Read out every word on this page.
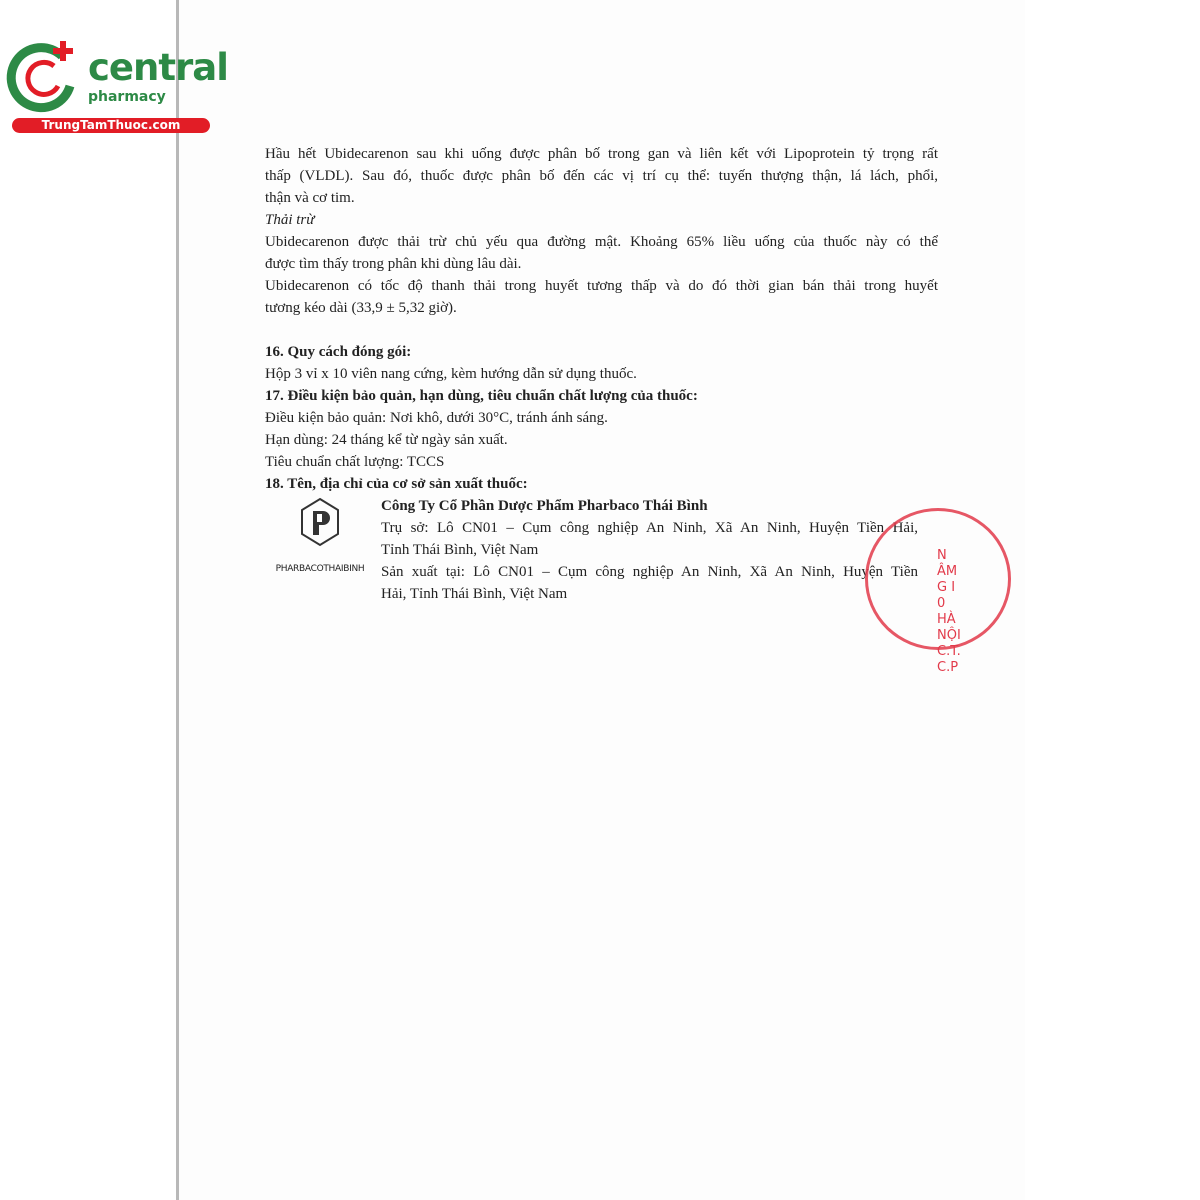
central
pharmacy
TrungTamThuoc.com
Hầu hết Ubidecarenon sau khi uống được phân bố trong gan và liên kết với Lipoprotein tỷ trọng rất
thấp (VLDL). Sau đó, thuốc được phân bố đến các vị trí cụ thể: tuyến thượng thận, lá lách, phổi,
thận và cơ tim.
Thải trừ
Ubidecarenon được thải trừ chủ yếu qua đường mật. Khoảng 65% liều uống của thuốc này có thể
được tìm thấy trong phân khi dùng lâu dài.
Ubidecarenon có tốc độ thanh thải trong huyết tương thấp và do đó thời gian bán thải trong huyết
tương kéo dài (33,9 ± 5,32 giờ).
16. Quy cách đóng gói:
Hộp 3 vỉ x 10 viên nang cứng, kèm hướng dẫn sử dụng thuốc.
17. Điều kiện bảo quản, hạn dùng, tiêu chuẩn chất lượng của thuốc:
Điều kiện bảo quản: Nơi khô, dưới 30°C, tránh ánh sáng.
Hạn dùng: 24 tháng kể từ ngày sản xuất.
Tiêu chuẩn chất lượng: TCCS
18. Tên, địa chỉ của cơ sở sản xuất thuốc:
PHARBACOTHAIBINH
Công Ty Cổ Phần Dược Phẩm Pharbaco Thái Bình
Trụ sở: Lô CN01 – Cụm công nghiệp An Ninh, Xã An Ninh, Huyện Tiền Hải,
Tỉnh Thái Bình, Việt Nam
Sản xuất tại: Lô CN01 – Cụm công nghiệp An Ninh, Xã An Ninh, Huyện Tiền
Hải, Tỉnh Thái Bình, Việt Nam
N ÂM G I 0 HÀ NỘI C.T.C.P
